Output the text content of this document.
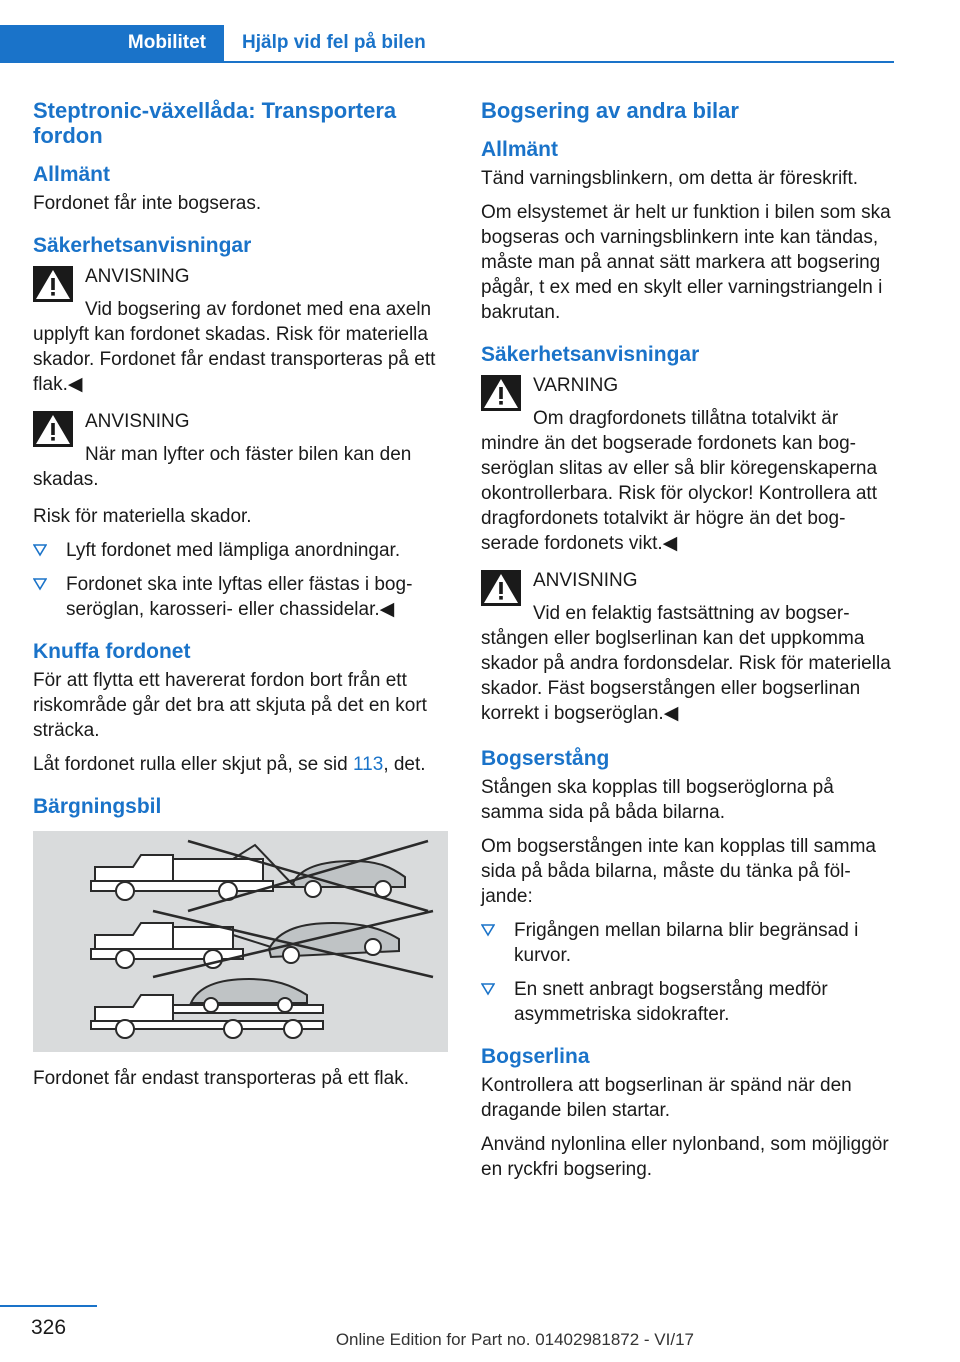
Mobilitet	Hjälp vid fel på bilen
Steptronic-växellåda: Transportera fordon
Allmänt
Fordonet får inte bogseras.
Säkerhetsanvisningar
ANVISNING
Vid bogsering av fordonet med ena axeln upplyft kan fordonet skadas. Risk för materiella skador. Fordonet får endast transporteras på ett flak.◀
ANVISNING
När man lyfter och fäster bilen kan den skadas.
Risk för materiella skador.
Lyft fordonet med lämpliga anordningar.
Fordonet ska inte lyftas eller fästas i bogseröglan, karosseri- eller chassidelar.◀
Knuffa fordonet
För att flytta ett havererat fordon bort från ett riskområde går det bra att skjuta på det en kort sträcka.
Låt fordonet rulla eller skjut på, se sid 113, det.
Bärgningsbil
Fordonet får endast transporteras på ett flak.
Bogsering av andra bilar
Allmänt
Tänd varningsblinkern, om detta är föreskrift.
Om elsystemet är helt ur funktion i bilen som ska bogseras och varningsblinkern inte kan tändas, måste man på annat sätt markera att bogsering pågår, t ex med en skylt eller varningstriangeln i bakrutan.
Säkerhetsanvisningar
VARNING
Om dragfordonets tillåtna totalvikt är mindre än det bogserade fordonets kan bogseröglan slitas av eller så blir köregenskaperna okontrollerbara. Risk för olyckor! Kontrollera att dragfordonets totalvikt är högre än det bogserade fordonets vikt.◀
ANVISNING
Vid en felaktig fastsättning av bogserstången eller boglserlinan kan det uppkomma skador på andra fordonsdelar. Risk för materiella skador. Fäst bogserstången eller bogserlinan korrekt i bogseröglan.◀
Bogserstång
Stången ska kopplas till bogseröglorna på samma sida på båda bilarna.
Om bogserstången inte kan kopplas till samma sida på båda bilarna, måste du tänka på följande:
Frigången mellan bilarna blir begränsad i kurvor.
En snett anbragt bogserstång medför asymmetriska sidokrafter.
Bogserlina
Kontrollera att bogserlinan är spänd när den dragande bilen startar.
Använd nylonlina eller nylonband, som möjliggör en ryckfri bogsering.
326
Online Edition for Part no. 01402981872 - VI/17
